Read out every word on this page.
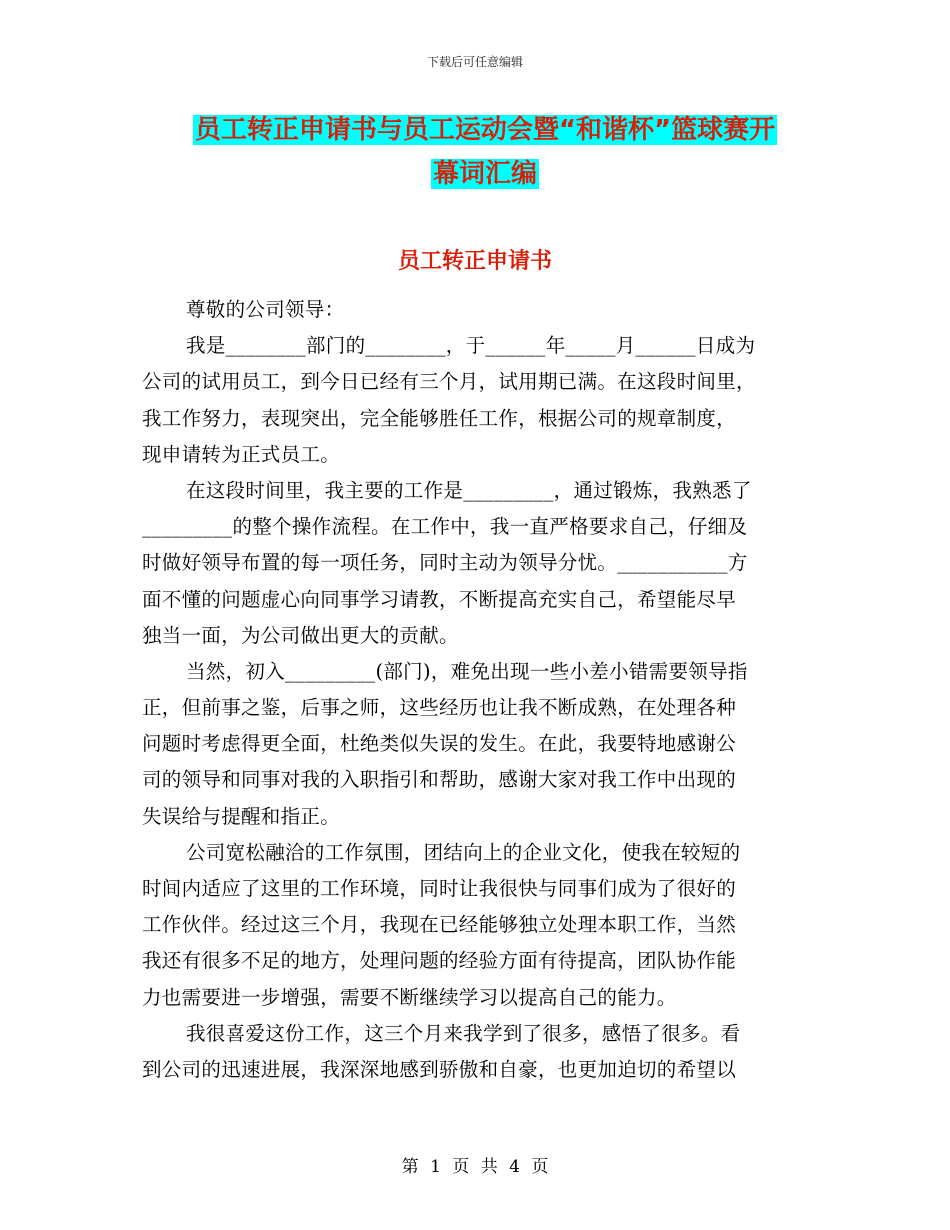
下载后可任意编辑
员工转正申请书与员工运动会暨“和谐杯”篮球赛开
幕词汇编
员工转正申请书
尊敬的公司领导：
我是________部门的________，于______年_____月______日成为
公司的试用员工，到今日已经有三个月，试用期已满。在这段时间里，
我工作努力，表现突出，完全能够胜任工作，根据公司的规章制度，
现申请转为正式员工。
在这段时间里，我主要的工作是_________，通过锻炼，我熟悉了
_________的整个操作流程。在工作中，我一直严格要求自己，仔细及
时做好领导布置的每一项任务，同时主动为领导分忧。___________方
面不懂的问题虚心向同事学习请教，不断提高充实自己，希望能尽早
独当一面，为公司做出更大的贡献。
当然，初入_________(部门)，难免出现一些小差小错需要领导指
正，但前事之鉴，后事之师，这些经历也让我不断成熟，在处理各种
问题时考虑得更全面，杜绝类似失误的发生。在此，我要特地感谢公
司的领导和同事对我的入职指引和帮助，感谢大家对我工作中出现的
失误给与提醒和指正。
公司宽松融洽的工作氛围，团结向上的企业文化，使我在较短的
时间内适应了这里的工作环境，同时让我很快与同事们成为了很好的
工作伙伴。经过这三个月，我现在已经能够独立处理本职工作，当然
我还有很多不足的地方，处理问题的经验方面有待提高，团队协作能
力也需要进一步增强，需要不断继续学习以提高自己的能力。
我很喜爱这份工作，这三个月来我学到了很多，感悟了很多。看
到公司的迅速进展，我深深地感到骄傲和自豪，也更加迫切的希望以
第 1 页 共 4 页
